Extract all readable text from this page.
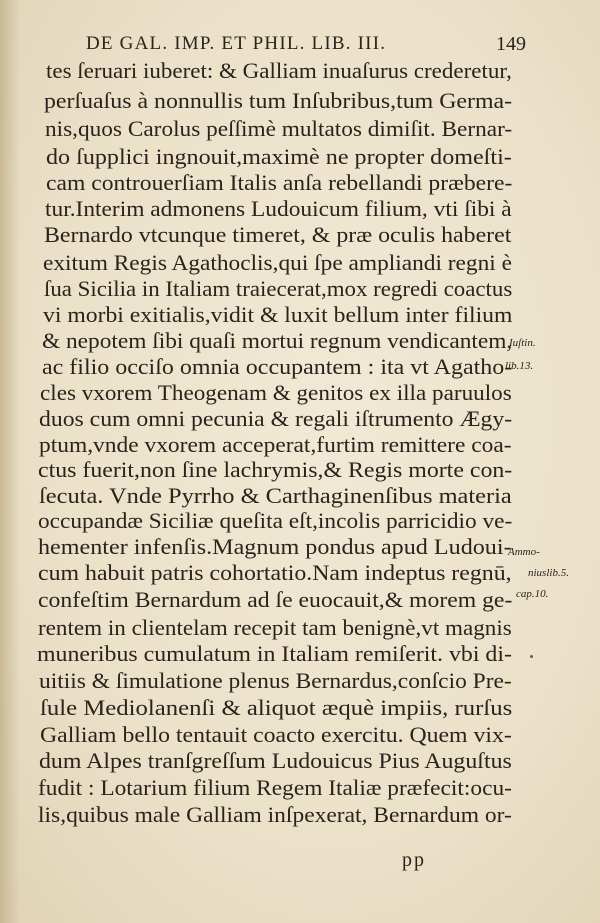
DE GAL. IMP. ET PHIL. LIB. III.	149
tes ſeruari iuberet: & Galliam inuaſurus crederetur,
perſuaſus à nonnullis tum Inſubribus,tum Germa-
nis,quos Carolus peſſimè multatos dimiſit. Bernar-
do ſupplici ingnouit,maximè ne propter domeſti-
cam controuerſiam Italis anſa rebellandi præbere-
tur.Interim admonens Ludouicum filium, vti ſibi à
Bernardo vtcunque timeret, & præ oculis haberet
exitum Regis Agathoclis,qui ſpe ampliandi regni è
ſua Sicilia in Italiam traiecerat,mox regredi coactus
vi morbi exitialis,vidit & luxit bellum inter filium
& nepotem ſibi quaſi mortui regnum vendicantem,
ac filio occiſo omnia occupantem : ita vt Agatho-
cles vxorem Theogenam & genitos ex illa paruulos
duos cum omni pecunia & regali iſtrumento Ægy-
ptum,vnde vxorem acceperat,furtim remittere coa-
ctus fuerit,non ſine lachrymis,& Regis morte con-
ſecuta. Vnde Pyrrho & Carthaginenſibus materia
occupandæ Siciliæ queſita eſt,incolis parricidio ve-
hementer infenſis.Magnum pondus apud Ludoui-
cum habuit patris cohortatio.Nam indeptus regnū,
confeſtim Bernardum ad ſe euocauit,& morem ge-
rentem in clientelam recepit tam benignè,vt magnis
muneribus cumulatum in Italiam remiſerit. vbi di-
uitiis & ſimulatione plenus Bernardus,conſcio Pre-
ſule Mediolanenſi & aliquot æquè impiis, rurſus
Galliam bello tentauit coacto exercitu. Quem vix-
dum Alpes tranſgreſſum Ludouicus Pius Auguſtus
fudit : Lotarium filium Regem Italiæ præfecit:ocu-
lis,quibus male Galliam inſpexerat, Bernardum or-
Iuſtin.
lib.13.
Ammo-
niuslib.5.
cap.10.
pp
